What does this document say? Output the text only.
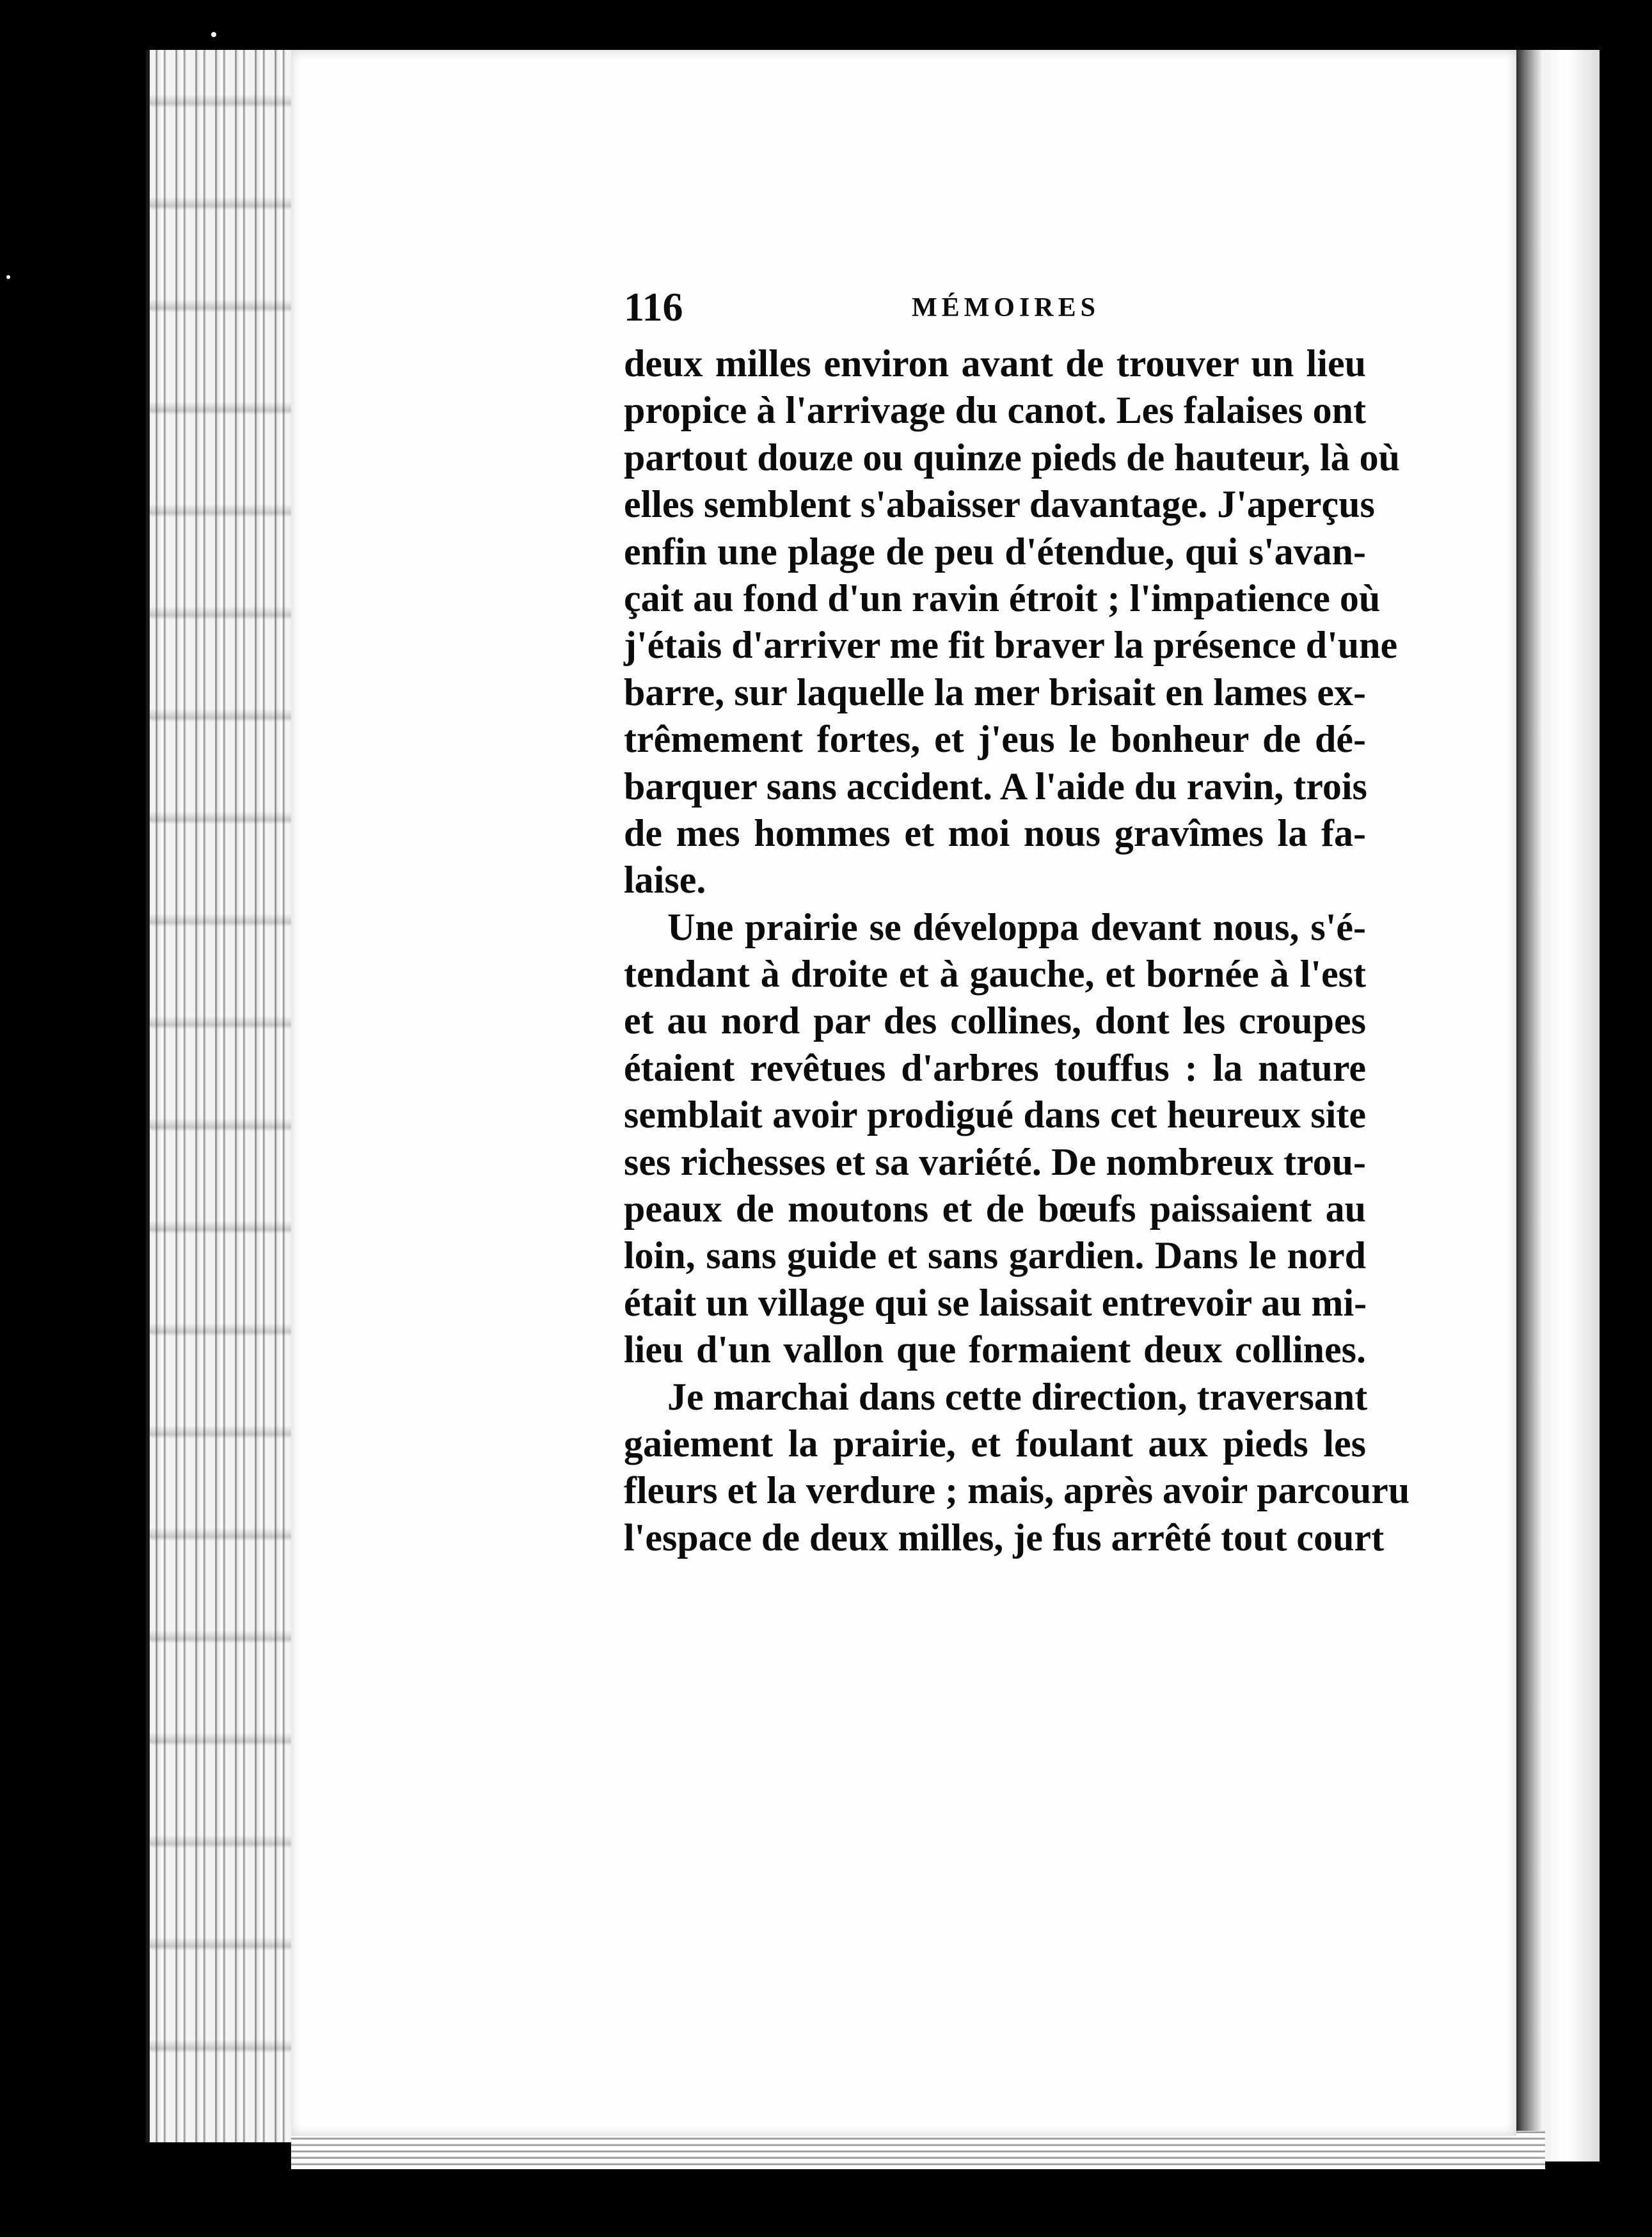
116	MÉMOIRES
deux milles environ avant de trouver un lieu
propice à l'arrivage du canot. Les falaises ont
partout douze ou quinze pieds de hauteur, là où
elles semblent s'abaisser davantage. J'aperçus
enfin une plage de peu d'étendue, qui s'avan-
çait au fond d'un ravin étroit ; l'impatience où
j'étais d'arriver me fit braver la présence d'une
barre, sur laquelle la mer brisait en lames ex-
trêmement fortes, et j'eus le bonheur de dé-
barquer sans accident. A l'aide du ravin, trois
de mes hommes et moi nous gravîmes la fa-
laise.
Une prairie se développa devant nous, s'é-
tendant à droite et à gauche, et bornée à l'est
et au nord par des collines, dont les croupes
étaient revêtues d'arbres touffus : la nature
semblait avoir prodigué dans cet heureux site
ses richesses et sa variété. De nombreux trou-
peaux de moutons et de bœufs paissaient au
loin, sans guide et sans gardien. Dans le nord
était un village qui se laissait entrevoir au mi-
lieu d'un vallon que formaient deux collines.
Je marchai dans cette direction, traversant
gaiement la prairie, et foulant aux pieds les
fleurs et la verdure ; mais, après avoir parcouru
l'espace de deux milles, je fus arrêté tout court
